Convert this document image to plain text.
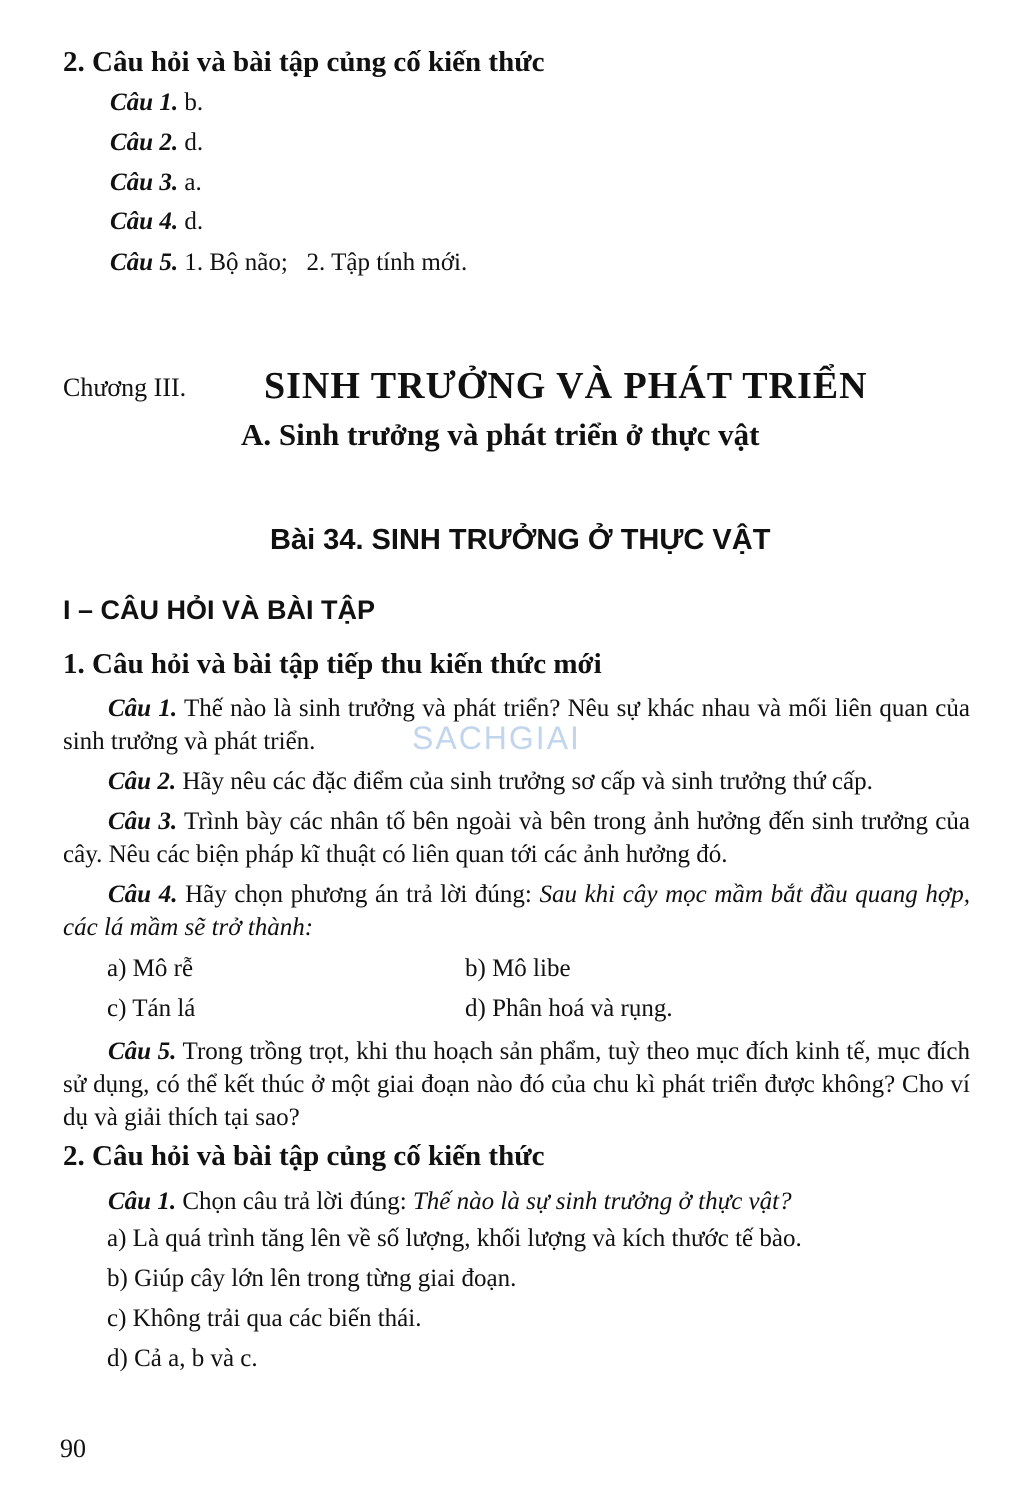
2. Câu hỏi và bài tập củng cố kiến thức
Câu 1. b.
Câu 2. d.
Câu 3. a.
Câu 4. d.
Câu 5. 1. Bộ não;   2. Tập tính mới.
Chương III. SINH TRƯỞNG VÀ PHÁT TRIỂN
A. Sinh trưởng và phát triển ở thực vật
Bài 34. SINH TRƯỞNG Ở THỰC VẬT
I – CÂU HỎI VÀ BÀI TẬP
1. Câu hỏi và bài tập tiếp thu kiến thức mới
Câu 1. Thế nào là sinh trưởng và phát triển? Nêu sự khác nhau và mối liên quan của sinh trưởng và phát triển.
Câu 2. Hãy nêu các đặc điểm của sinh trưởng sơ cấp và sinh trưởng thứ cấp.
Câu 3. Trình bày các nhân tố bên ngoài và bên trong ảnh hưởng đến sinh trưởng của cây. Nêu các biện pháp kĩ thuật có liên quan tới các ảnh hưởng đó.
Câu 4. Hãy chọn phương án trả lời đúng: Sau khi cây mọc mầm bắt đầu quang hợp, các lá mầm sẽ trở thành:
a) Mô rễ	b) Mô libe
c) Tán lá	d) Phân hoá và rụng.
Câu 5. Trong trồng trọt, khi thu hoạch sản phẩm, tuỳ theo mục đích kinh tế, mục đích sử dụng, có thể kết thúc ở một giai đoạn nào đó của chu kì phát triển được không? Cho ví dụ và giải thích tại sao?
2. Câu hỏi và bài tập củng cố kiến thức
Câu 1. Chọn câu trả lời đúng: Thế nào là sự sinh trưởng ở thực vật?
a) Là quá trình tăng lên về số lượng, khối lượng và kích thước tế bào.
b) Giúp cây lớn lên trong từng giai đoạn.
c) Không trải qua các biến thái.
d) Cả a, b và c.
SACHGIAI
90
